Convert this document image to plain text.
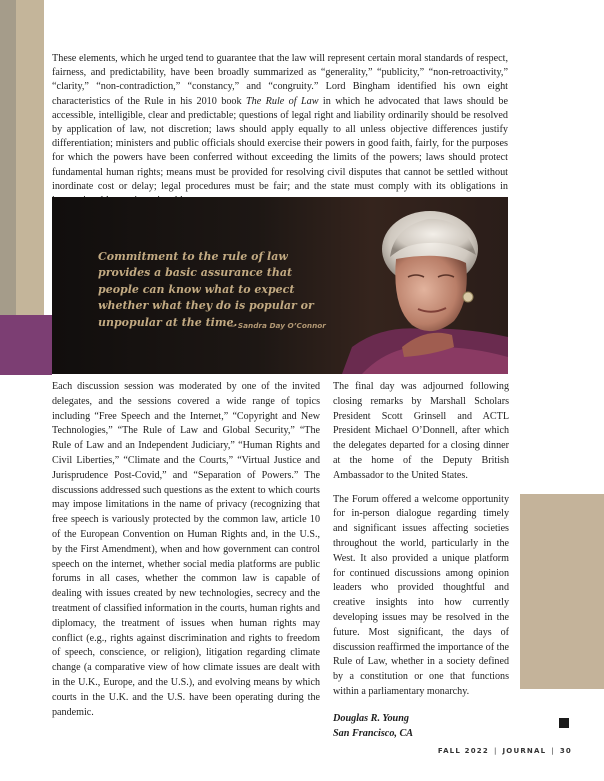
These elements, which he urged tend to guarantee that the law will represent certain moral standards of respect, fairness, and predictability, have been broadly summarized as “generality,” “publicity,” “non-retroactivity,” “clarity,” “non-contradiction,” “constancy,” and “congruity.” Lord Bingham identified his own eight characteristics of the Rule in his 2010 book The Rule of Law in which he advocated that laws should be accessible, intelligible, clear and predictable; questions of legal right and liability ordinarily should be resolved by application of law, not discretion; laws should apply equally to all unless objective differences justify differentiation; ministers and public officials should exercise their powers in good faith, fairly, for the purposes for which the powers have been conferred without exceeding the limits of the powers; laws should protect fundamental human rights; means must be provided for resolving civil disputes that cannot be settled without inordinate cost or delay; legal procedures must be fair; and the state must comply with its obligations in

Commitment to the rule of law provides a basic assurance that people can know what to expect whether what they do is popular or unpopular at the time.

— Sandra Day O’Connor

Each discussion session was moderated by one of the invited delegates, and the sessions covered a wide range of topics including “Free Speech and the Internet,” “Copyright and New Technologies,” “The Rule of Law and Global Security,” “The Rule of Law and an Independent Judiciary,” “Human Rights and Civil Liberties,” “Climate and the Courts,” “Virtual Justice and Jurisprudence Post-Covid,” and “Separation of Powers.” The discussions addressed such questions as the extent to which courts may impose limitations in the name of privacy (recognizing that free speech is variously protected by the common law, article 10 of the European Convention on Human Rights and, in the U.S., by the First Amendment), when and how government can control speech on the internet, whether social media platforms are public forums in all cases, whether the common law is capable of dealing with issues created by new technologies, secrecy and the treatment of classified information in the courts, human rights and diplomacy, the treatment of issues when human rights may conflict (e.g., rights against discrimination and rights to freedom of speech, conscience, or religion), litigation regarding climate change (a comparative view of how climate issues are dealt with in the U.K., Europe, and the U.S.), and evolving means by which courts in the U.K. and the U.S. have been operating during the pandemic.

The final day was adjourned following closing remarks by Marshall Scholars President Scott Grinsell and ACTL President Michael O’Donnell, after which the delegates departed for a closing dinner at the home of the Deputy British Ambassador to the United States.

The Forum offered a welcome opportunity for in-person dialogue regarding timely and significant issues affecting societies throughout the world, particularly in the West. It also provided a unique platform for continued discussions among opinion leaders who provided thoughtful and creative insights into how currently developing issues may be resolved in the future. Most significant, the days of discussion reaffirmed the importance of the Rule of Law, whether in a society defined by a constitution or one that functions within a parliamentary monarchy.

Douglas R. Young
San Francisco, CA
FALL 2022 | JOURNAL | 30
